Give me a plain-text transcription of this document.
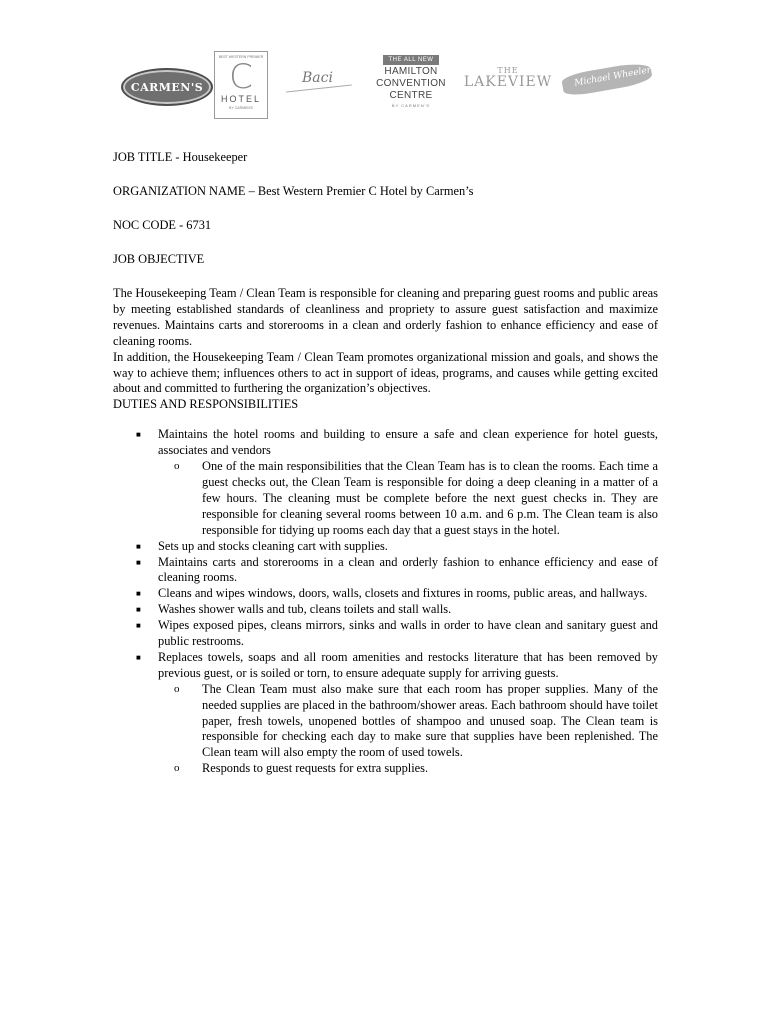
CARMEN'S
BEST WESTERN PREMIER
C
HOTEL
BY CARMEN'S
Baci
THE ALL NEW
HAMILTON
CONVENTION
CENTRE
BY CARMEN'S
THE
LAKEVIEW	Michael Wheeler

JOB TITLE - Housekeeper

ORGANIZATION NAME – Best Western Premier C Hotel by Carmen’s

NOC CODE - 6731

JOB OBJECTIVE

The Housekeeping Team / Clean Team is responsible for cleaning and preparing guest rooms and public areas by meeting established standards of cleanliness and propriety to assure guest satisfaction and maximize revenues. Maintains carts and storerooms in a clean and orderly fashion to enhance efficiency and ease of cleaning rooms.

In addition, the Housekeeping Team / Clean Team promotes organizational mission and goals, and shows the way to achieve them; influences others to act in support of ideas, programs, and causes while getting excited about and committed to furthering the organization’s objectives.

DUTIES AND RESPONSIBILITIES

■ Maintains the hotel rooms and building to ensure a safe and clean experience for hotel guests, associates and vendors
o One of the main responsibilities that the Clean Team has is to clean the rooms. Each time a guest checks out, the Clean Team is responsible for doing a deep cleaning in a matter of a few hours. The cleaning must be complete before the next guest checks in. They are responsible for cleaning several rooms between 10 a.m. and 6 p.m. The Clean team is also responsible for tidying up rooms each day that a guest stays in the hotel.
■ Sets up and stocks cleaning cart with supplies.
■ Maintains carts and storerooms in a clean and orderly fashion to enhance efficiency and ease of cleaning rooms.
■ Cleans and wipes windows, doors, walls, closets and fixtures in rooms, public areas, and hallways.
■ Washes shower walls and tub, cleans toilets and stall walls.
■ Wipes exposed pipes, cleans mirrors, sinks and walls in order to have clean and sanitary guest and public restrooms.
■ Replaces towels, soaps and all room amenities and restocks literature that has been removed by previous guest, or is soiled or torn, to ensure adequate supply for arriving guests.
o The Clean Team must also make sure that each room has proper supplies. Many of the needed supplies are placed in the bathroom/shower areas. Each bathroom should have toilet paper, fresh towels, unopened bottles of shampoo and unused soap. The Clean team is responsible for checking each day to make sure that supplies have been replenished. The Clean team will also empty the room of used towels.
o Responds to guest requests for extra supplies.
